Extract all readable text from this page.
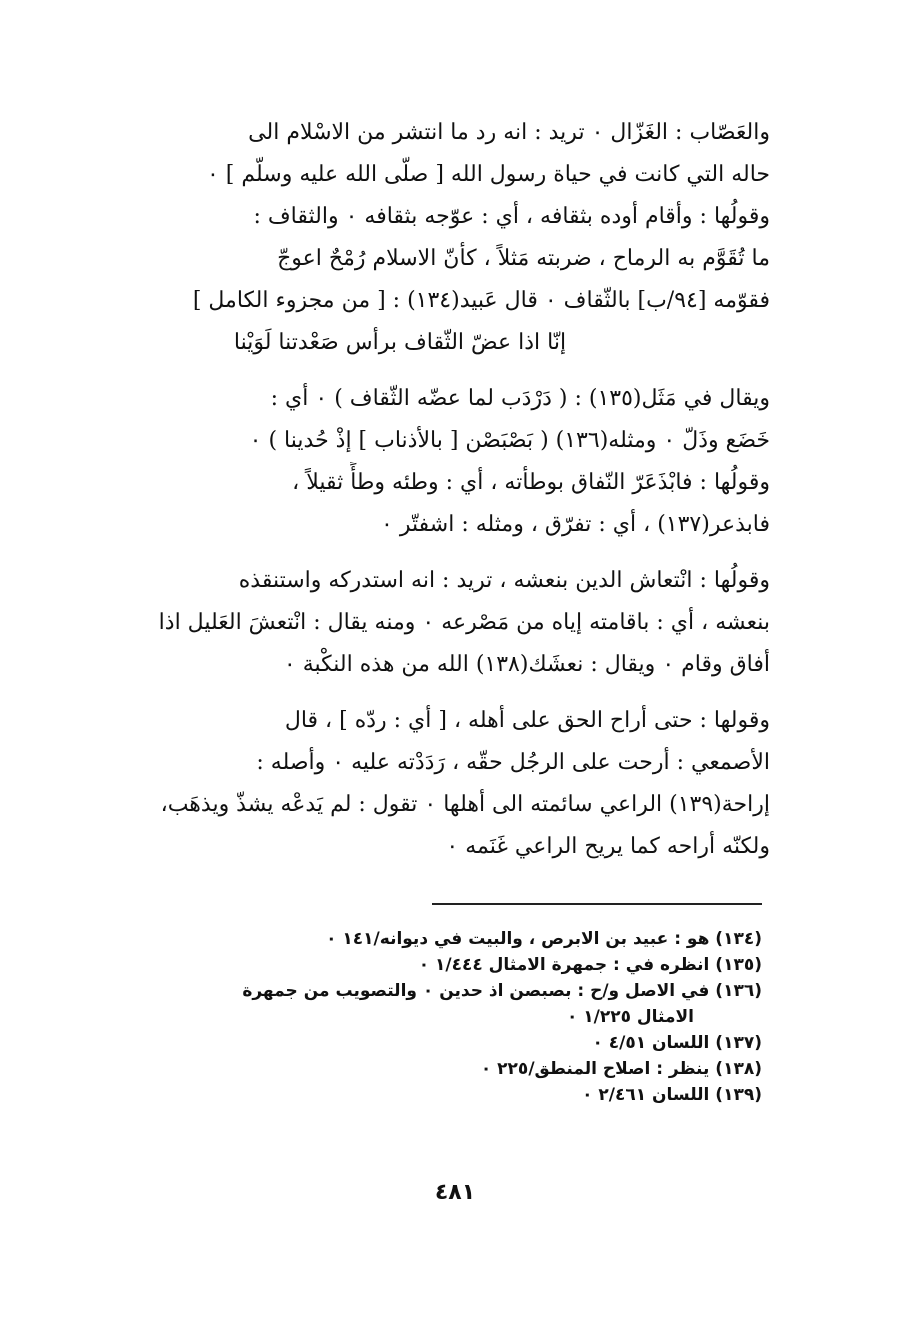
والعَصّاب : الغَزّال ٠ تريد : انه رد ما انتشر من الاسْلام الى
حاله التي كانت في حياة رسول الله [ صلّى الله عليه وسلّم ] ٠

وقولُها : وأقام أوده بثقافه ، أي : عوّجه بثقافه ٠ والثقاف :
ما تُقَوَّم به الرماح ، ضربته مَثلاً ، كأنّ الاسلام رُمْحٌ اعوجّ
فقوّمه [٩٤/ب] بالثّقاف ٠ قال عَبيد(١٣٤) : [ من مجزوء الكامل ]
إنّا اذا عضّ الثّقاف برأس صَعْدتنا لَوَيْنا

ويقال في مَثَل(١٣٥) : ( دَرْدَب لما عضّه الثّقاف ) ٠ أي :
خَضَع وذَلّ ٠ ومثله(١٣٦) ( بَصْبَصْن [ بالأذناب ] إذْ حُدينا ) ٠

وقولُها : فابْذَعَرّ النّفاق بوطأته ، أي : وطئه وطأً ثقيلاً ،
فابذعر(١٣٧) ، أي : تفرّق ، ومثله : اشفتّر ٠

وقولُها : انْتعاش الدين بنعشه ، تريد : انه استدركه واستنقذه
بنعشه ، أي : باقامته إياه من مَصْرعه ٠ ومنه يقال : انْتعشَ العَليل اذا
أفاق وقام ٠ ويقال : نعشَك(١٣٨) الله من هذه النكْبة ٠

وقولها : حتى أراح الحق على أهله ، [ أي : ردّه ] ، قال
الأصمعي : أرحت على الرجُل حقّه ، رَدَدْته عليه ٠ وأصله :
إراحة(١٣٩) الراعي سائمته الى أهلها ٠ تقول : لم يَدعْه يشذّ ويذهَب،
ولكنّه أراحه كما يريح الراعي غَنَمه ٠

(١٣٤) هو : عبيد بن الابرص ، والبيت في ديوانه/١٤١ ٠
(١٣٥) انظره في : جمهرة الامثال ١/٤٤٤ ٠
(١٣٦) في الاصل و/ح : بصبصن اذ حدين ٠ والتصويب من جمهرة
الامثال ١/٢٢٥ ٠
(١٣٧) اللسان ٤/٥١ ٠
(١٣٨) ينظر : اصلاح المنطق/٢٢٥ ٠
(١٣٩) اللسان ٢/٤٦١ ٠
٤٨١
